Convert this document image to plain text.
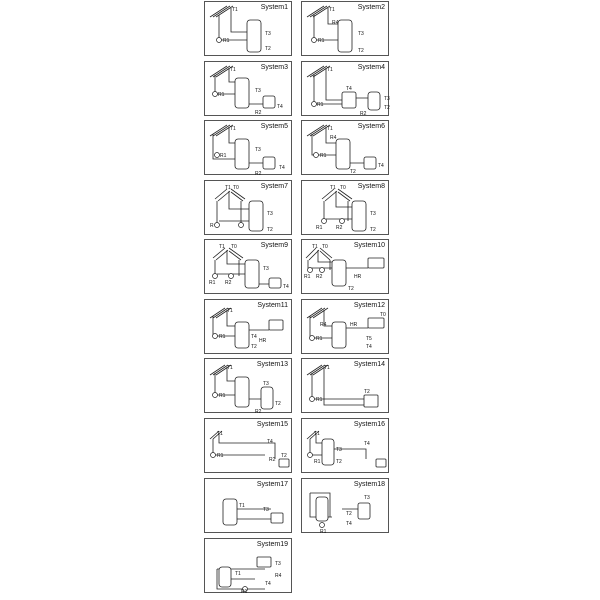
System1
T1
R1
T3
T2
System2
T1
R1
R4
T3
T2
System3
T1
R1
T3
T4
R2
System4
T1
R1
T3
T2
T4
R2
System5
T1
R1
T3
T4
R2
System6
T1
R1
R4
T2
T4
System7
T1 T0
R
T3
T2
System8
T1 T0
R1	R2
T3
T2
System9
T1 T0
R1 R2
T3
T4
System10
T1 T0
R1 R2	HR
T2
System11
T1
R1
HR
T4
T2
System12
T0
R1
HR
T5
T4
R4
System13
T1
R1
T3
T2
R2
System14
T1
R1
T2
System15
T1
R1
T4
T2
R2
System16
T1
R1
T3
T2
T4
System17
T1
T3
System18
T3
R1
T2
T4
System19
T3
R1
T1	R4
T4
